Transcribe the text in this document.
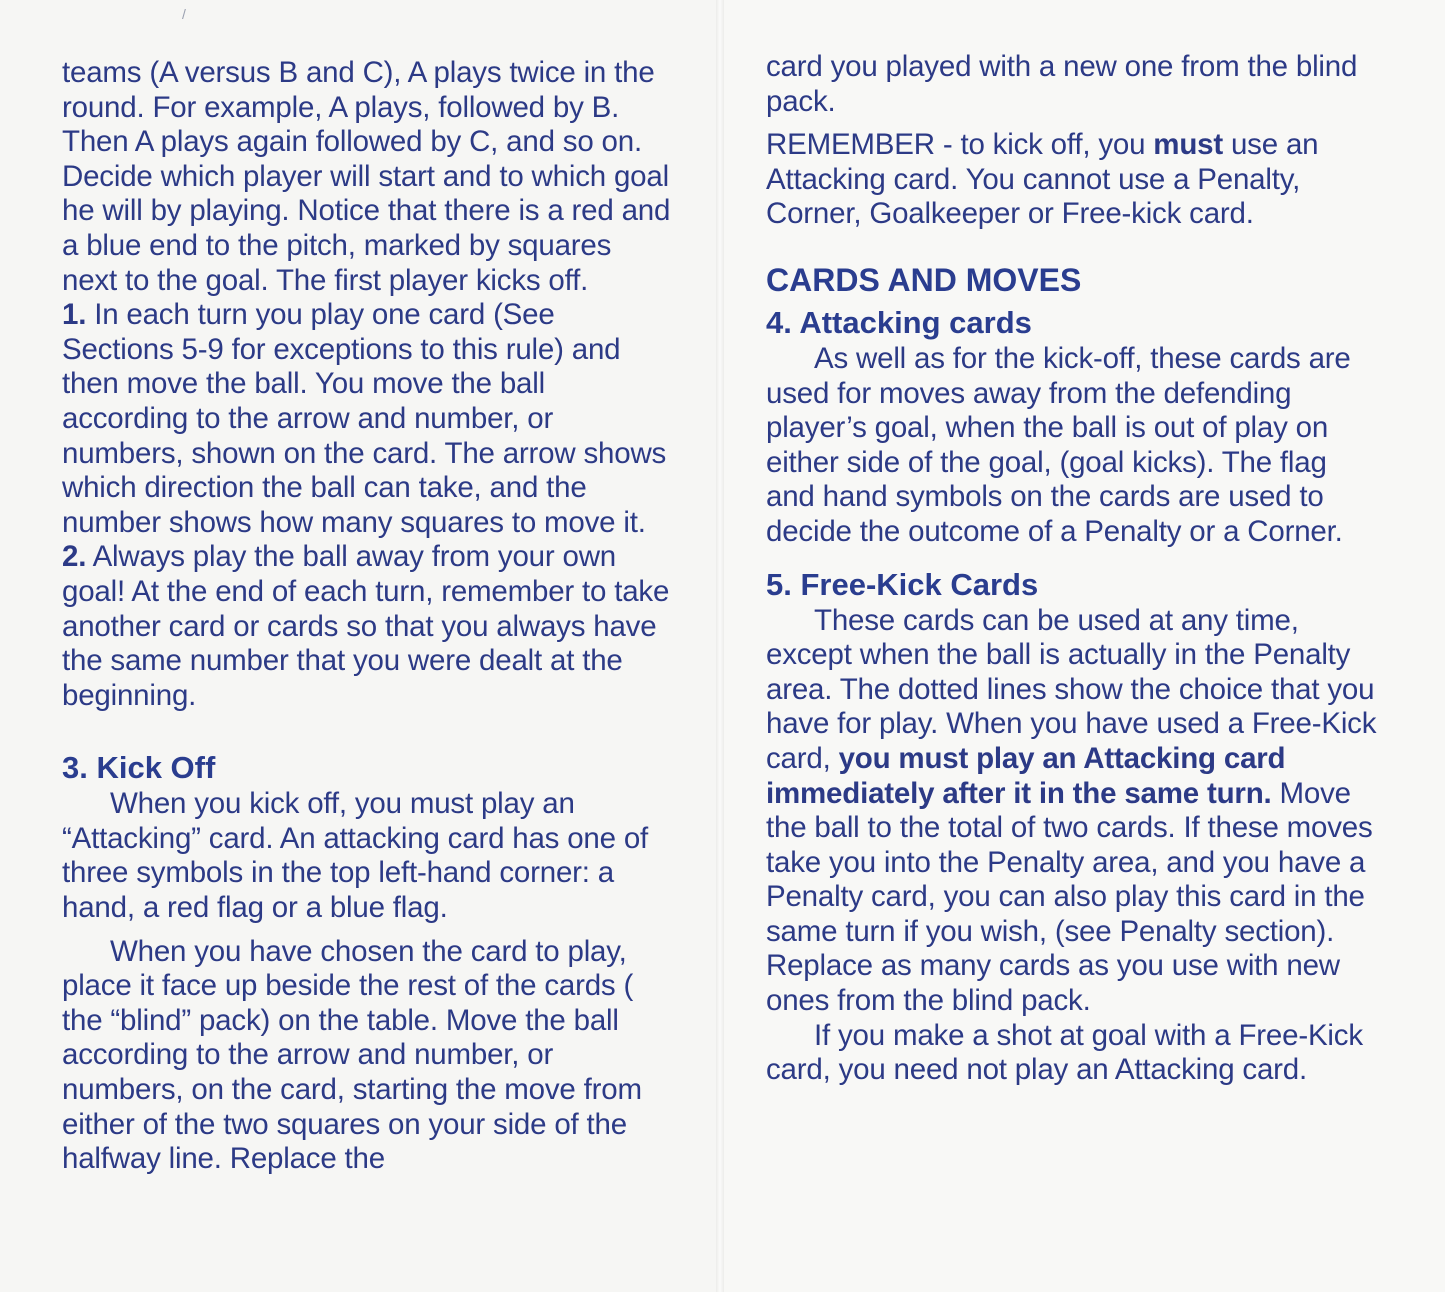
/

teams (A versus B and C), A plays twice in the round. For example, A plays, followed by B. Then A plays again followed by C, and so on. Decide which player will start and to which goal he will by playing. Notice that there is a red and a blue end to the pitch, marked by squares next to the goal. The first player kicks off.

1. In each turn you play one card (See Sections 5-9 for exceptions to this rule) and then move the ball. You move the ball according to the arrow and number, or numbers, shown on the card. The arrow shows which direction the ball can take, and the number shows how many squares to move it.

2. Always play the ball away from your own goal! At the end of each turn, remember to take another card or cards so that you always have the same number that you were dealt at the beginning.

3. Kick Off

When you kick off, you must play an “Attacking” card. An attacking card has one of three symbols in the top left-hand corner: a hand, a red flag or a blue flag.

When you have chosen the card to play, place it face up beside the rest of the cards ( the “blind” pack) on the table. Move the ball according to the arrow and number, or numbers, on the card, starting the move from either of the two squares on your side of the halfway line. Replace the

card you played with a new one from the blind pack.

REMEMBER - to kick off, you must use an Attacking card. You cannot use a Penalty, Corner, Goalkeeper or Free-kick card.

CARDS AND MOVES
4. Attacking cards

As well as for the kick-off, these cards are used for moves away from the defending player’s goal, when the ball is out of play on either side of the goal, (goal kicks). The flag and hand symbols on the cards are used to decide the outcome of a Penalty or a Corner.

5. Free-Kick Cards

These cards can be used at any time, except when the ball is actually in the Penalty area. The dotted lines show the choice that you have for play. When you have used a Free-Kick card, you must play an Attacking card immediately after it in the same turn. Move the ball to the total of two cards. If these moves take you into the Penalty area, and you have a Penalty card, you can also play this card in the same turn if you wish, (see Penalty section). Replace as many cards as you use with new ones from the blind pack.

If you make a shot at goal with a Free-Kick card, you need not play an Attacking card.
